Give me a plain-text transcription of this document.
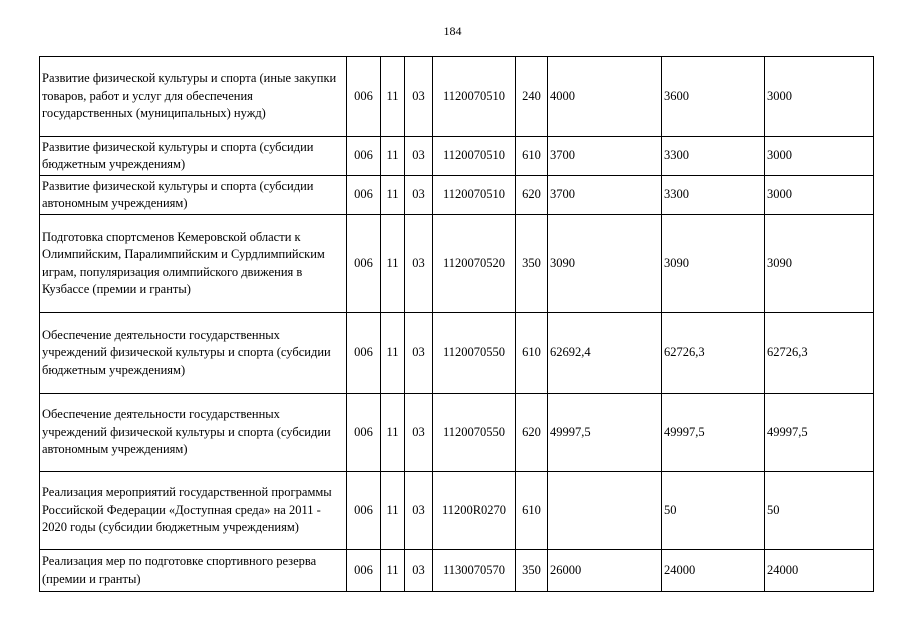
184
Развитие физической культуры и спорта (иные закупки товаров, работ и услуг для обеспечения государственных (муниципальных) нужд)	006	11	03	1120070510	240	4000	3600	3000
Развитие физической культуры и спорта (субсидии бюджетным учреждениям)	006	11	03	1120070510	610	3700	3300	3000
Развитие физической культуры и спорта (субсидии автономным учреждениям)	006	11	03	1120070510	620	3700	3300	3000
Подготовка спортсменов Кемеровской области к Олимпийским, Паралимпийским и Сурдлимпийским играм, популяризация олимпийского движения в Кузбассе (премии и гранты)	006	11	03	1120070520	350	3090	3090	3090
Обеспечение деятельности государственных учреждений физической культуры и спорта (субсидии бюджетным учреждениям)	006	11	03	1120070550	610	62692,4	62726,3	62726,3
Обеспечение деятельности государственных учреждений физической культуры и спорта (субсидии автономным учреждениям)	006	11	03	1120070550	620	49997,5	49997,5	49997,5
Реализация мероприятий государственной программы Российской Федерации «Доступная среда» на 2011 - 2020 годы (субсидии бюджетным учреждениям)	006	11	03	11200R0270	610		50	50
Реализация мер по подготовке спортивного резерва (премии и гранты)	006	11	03	1130070570	350	26000	24000	24000
